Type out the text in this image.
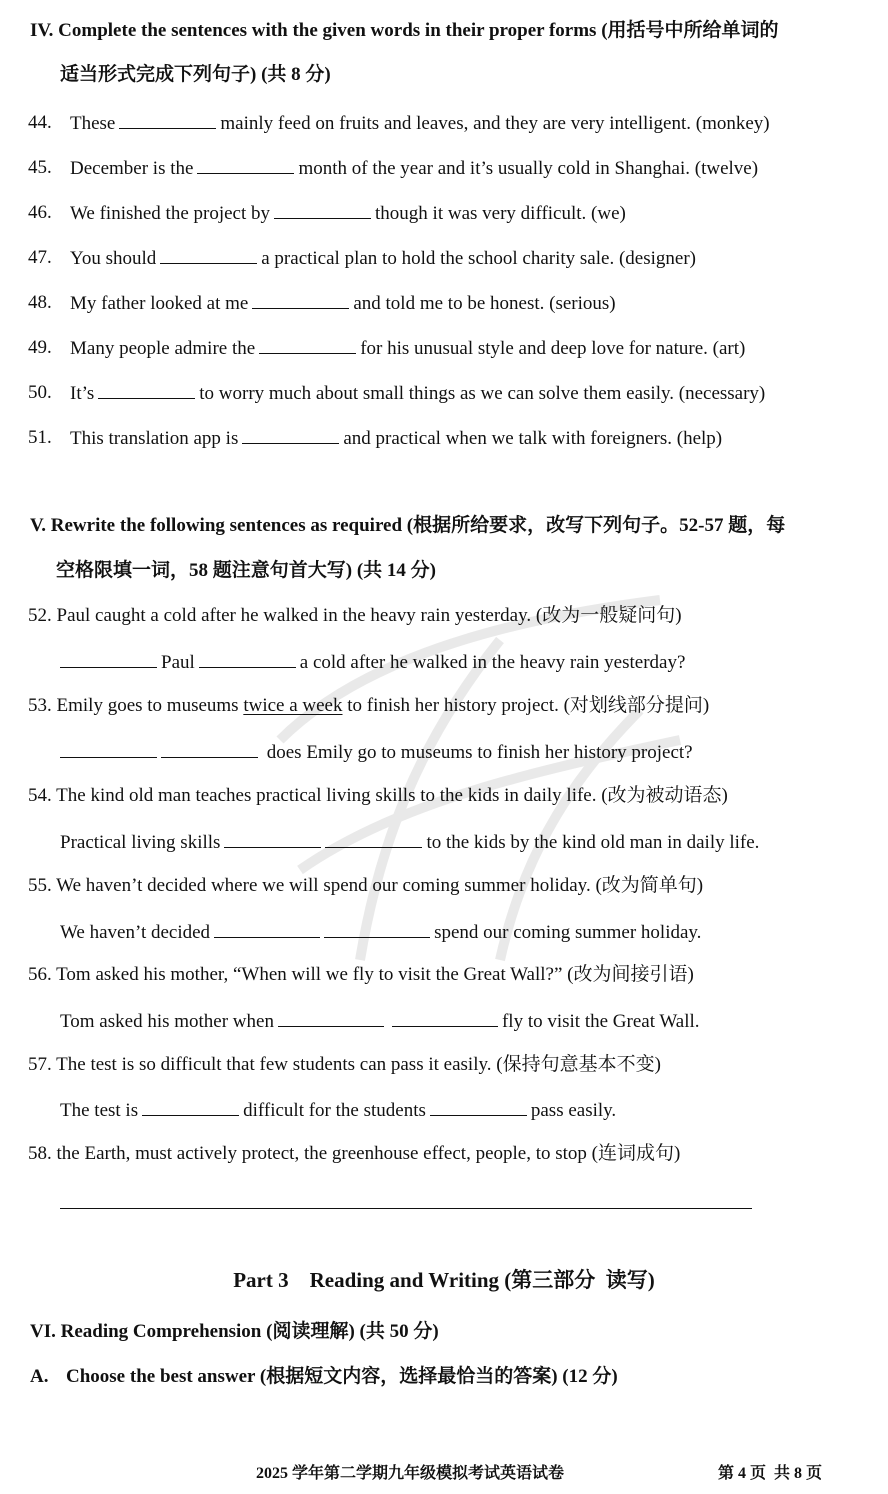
IV. Complete the sentences with the given words in their proper forms (用括号中所给单词的
适当形式完成下列句子) (共 8 分)
44. These	mainly feed on fruits and leaves, and they are very intelligent. (monkey)
45. December is the	month of the year and it’s usually cold in Shanghai. (twelve)
46. We finished the project by	though it was very difficult. (we)
47. You should	a practical plan to hold the school charity sale. (designer)
48. My father looked at me	and told me to be honest. (serious)
49. Many people admire the	for his unusual style and deep love for nature. (art)
50. It’s	to worry much about small things as we can solve them easily. (necessary)
51. This translation app is	and practical when we talk with foreigners. (help)
V. Rewrite the following sentences as required (根据所给要求，改写下列句子。52-57 题，每
空格限填一词，58 题注意句首大写) (共 14 分)
52. Paul caught a cold after he walked in the heavy rain yesterday. (改为一般疑问句)
Paul	a cold after he walked in the heavy rain yesterday?
53. Emily goes to museums twice a week to finish her history project. (对划线部分提问)
does Emily go to museums to finish her history project?
54. The kind old man teaches practical living skills to the kids in daily life. (改为被动语态)
Practical living skills	to the kids by the kind old man in daily life.
55. We haven’t decided where we will spend our coming summer holiday. (改为简单句)
We haven’t decided	spend our coming summer holiday.
56. Tom asked his mother, “When will we fly to visit the Great Wall?” (改为间接引语)
Tom asked his mother when	fly to visit the Great Wall.
57. The test is so difficult that few students can pass it easily. (保持句意基本不变)
The test is	difficult for the students	pass easily.
58. the Earth, must actively protect, the greenhouse effect, people, to stop (连词成句)
Part 3    Reading and Writing (第三部分  读写)
VI. Reading Comprehension (阅读理解) (共 50 分)
A. Choose the best answer (根据短文内容，选择最恰当的答案) (12 分)
2025 学年第二学期九年级模拟考试英语试卷	第 4 页  共 8 页
